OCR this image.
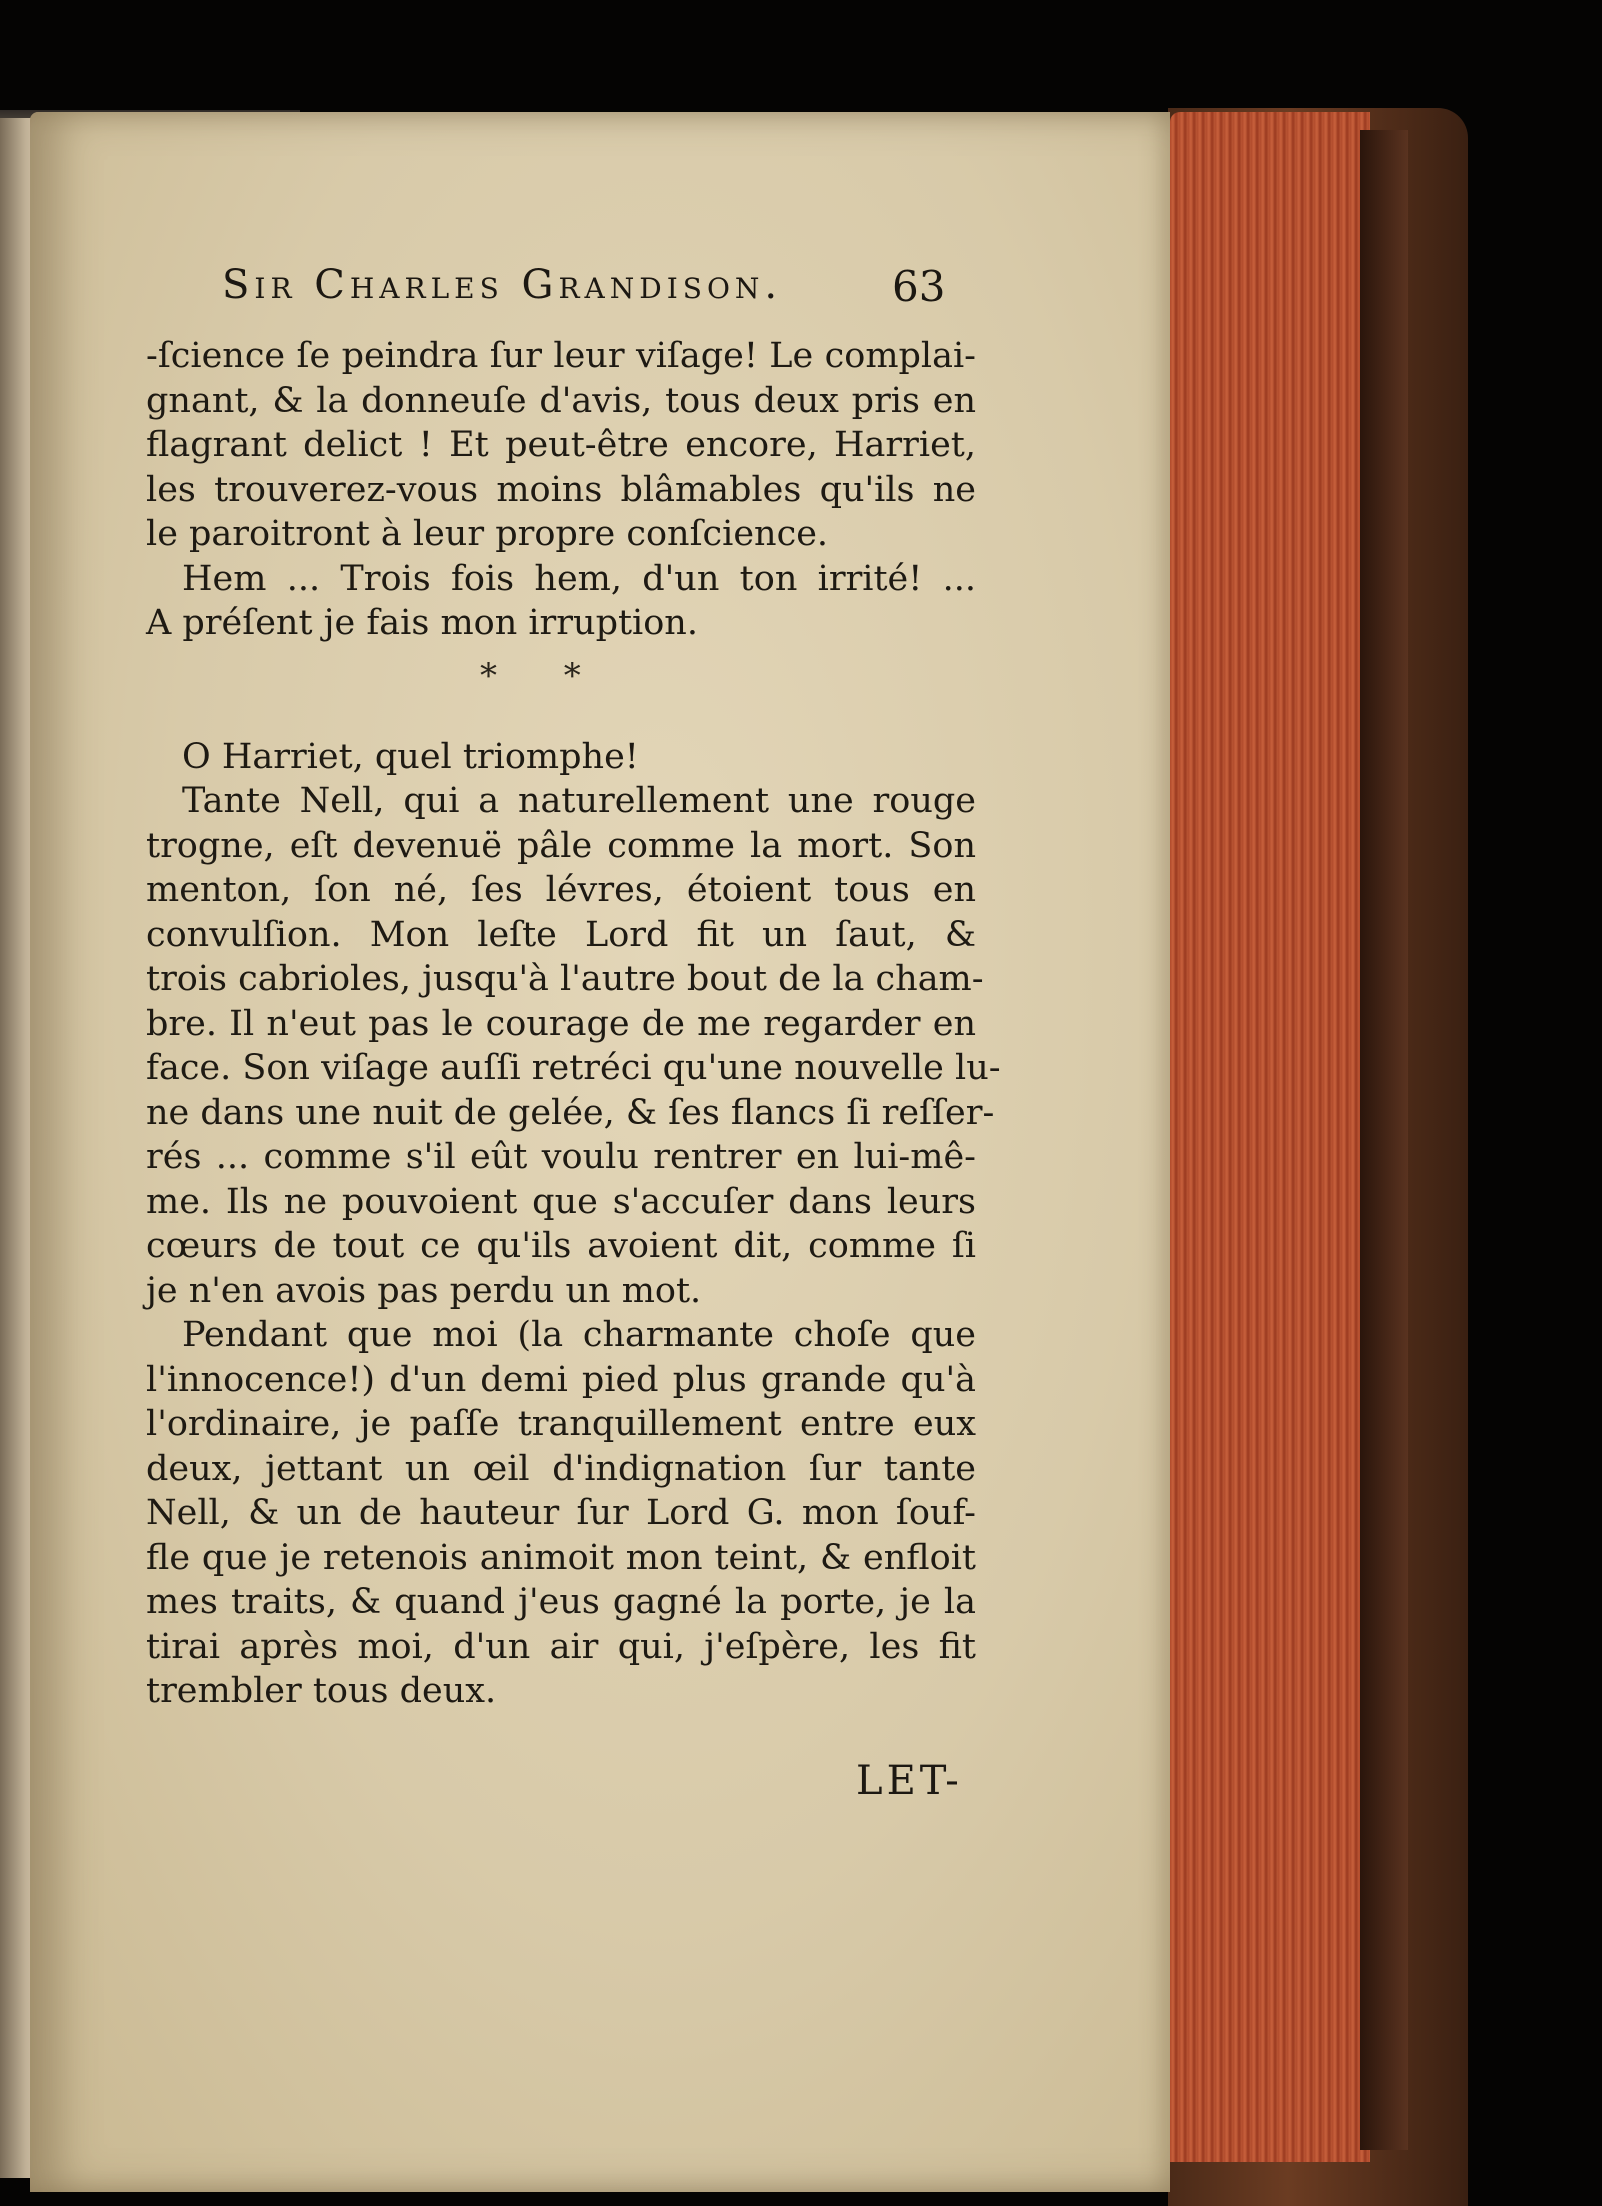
Sir Charles Grandison.	63
-ſcience ſe peindra ſur leur viſage! Le complai-
gnant, & la donneuſe d'avis, tous deux pris en
flagrant delict ! Et peut-être encore, Harriet,
les trouverez-vous moins blâmables qu'ils ne
le paroitront à leur propre conſcience.
Hem ... Trois fois hem, d'un ton irrité! ...
A préſent je fais mon irruption.
O Harriet, quel triomphe!
Tante Nell, qui a naturellement une rouge
trogne, eſt devenuë pâle comme la mort. Son
menton, ſon né, ſes lévres, étoient tous en
convulſion. Mon leſte Lord fit un ſaut, &
trois cabrioles, jusqu'à l'autre bout de la cham-
bre. Il n'eut pas le courage de me regarder en
face. Son viſage auſſi retréci qu'une nouvelle lu-
ne dans une nuit de gelée, & ſes flancs ſi reſſer-
rés ... comme s'il eût voulu rentrer en lui-mê-
me. Ils ne pouvoient que s'accuſer dans leurs
cœurs de tout ce qu'ils avoient dit, comme ſi
je n'en avois pas perdu un mot.
Pendant que moi (la charmante choſe que
l'innocence!) d'un demi pied plus grande qu'à
l'ordinaire, je paſſe tranquillement entre eux
deux, jettant un œil d'indignation ſur tante
Nell, & un de hauteur ſur Lord G. mon ſouf-
fle que je retenois animoit mon teint, & enfloit
mes traits, & quand j'eus gagné la porte, je la
tirai après moi, d'un air qui, j'eſpère, les fit
trembler tous deux.
* *
LET-
